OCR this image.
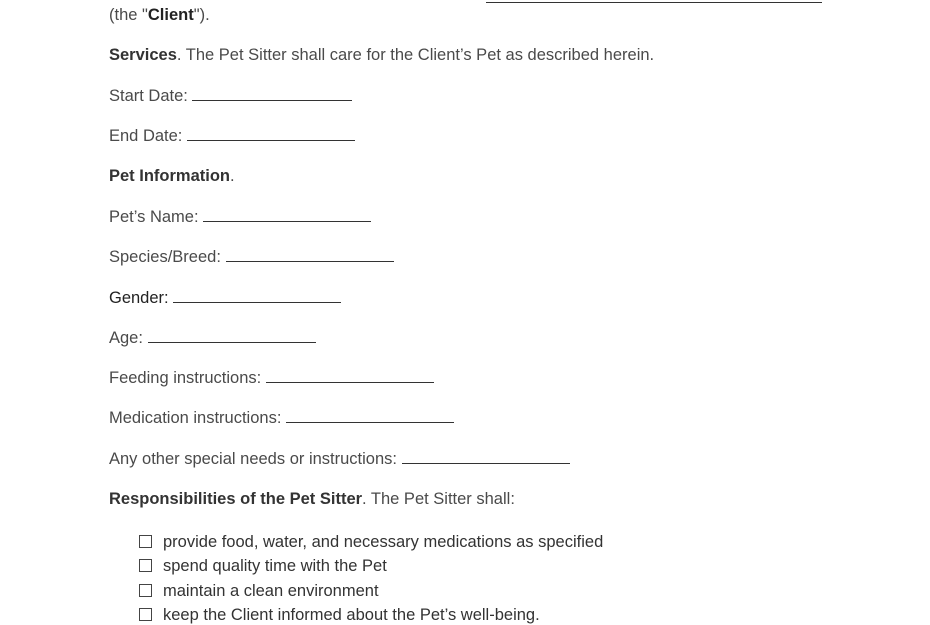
(the "Client").
Services. The Pet Sitter shall care for the Client’s Pet as described herein.
Start Date:
End Date:
Pet Information.
Pet’s Name:
Species/Breed:
Gender:
Age:
Feeding instructions:
Medication instructions:
Any other special needs or instructions:
Responsibilities of the Pet Sitter. The Pet Sitter shall:
provide food, water, and necessary medications as specified
spend quality time with the Pet
maintain a clean environment
keep the Client informed about the Pet’s well-being.
